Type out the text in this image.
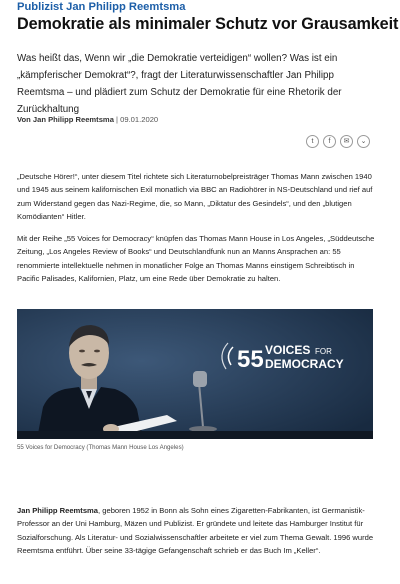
Publizist Jan Philipp Reemtsma
Demokratie als minimaler Schutz vor Grausamkeit
Was heißt das, Wenn wir „die Demokratie verteidigen“ wollen? Was ist ein „kämpferischer Demokrat“?, fragt der Literaturwissenschaftler Jan Philipp Reemtsma – und plädiert zum Schutz der Demokratie für eine Rhetorik der Zurückhaltung
Von Jan Philipp Reemtsma | 09.01.2020
t	f	✉	⌄
„Deutsche Hörer!“, unter diesem Titel richtete sich Literaturnobelpreisträger Thomas Mann zwischen 1940 und 1945 aus seinem kalifornischen Exil monatlich via BBC an Radiohörer in NS-Deutschland und rief auf zum Widerstand gegen das Nazi-Regime, die, so Mann, „Diktatur des Gesindels“, und den „blutigen Komödianten“ Hitler.
Mit der Reihe „55 Voices for Democracy“ knüpfen das Thomas Mann House in Los Angeles, „Süddeutsche Zeitung, „Los Angeles Review of Books“ und Deutschlandfunk nun an Manns Ansprachen an: 55 renommierte intellektuelle nehmen in monatlicher Folge an Thomas Manns einstigem Schreibtisch in Pacific Palisades, Kalifornien, Platz, um eine Rede über Demokratie zu halten.
55 VOICES FOR
DEMOCRACY
55 Voices for Democracy (Thomas Mann House Los Angeles)
Jan Philipp Reemtsma, geboren 1952 in Bonn als Sohn eines Zigaretten-Fabrikanten, ist Germanistik-Professor an der Uni Hamburg, Mäzen und Publizist. Er gründete und leitete das Hamburger Institut für Sozialforschung. Als Literatur- und Sozialwissenschaftler arbeitete er viel zum Thema Gewalt. 1996 wurde Reemtsma entführt. Über seine 33-tägige Gefangenschaft schrieb er das Buch Im „Keller“.
